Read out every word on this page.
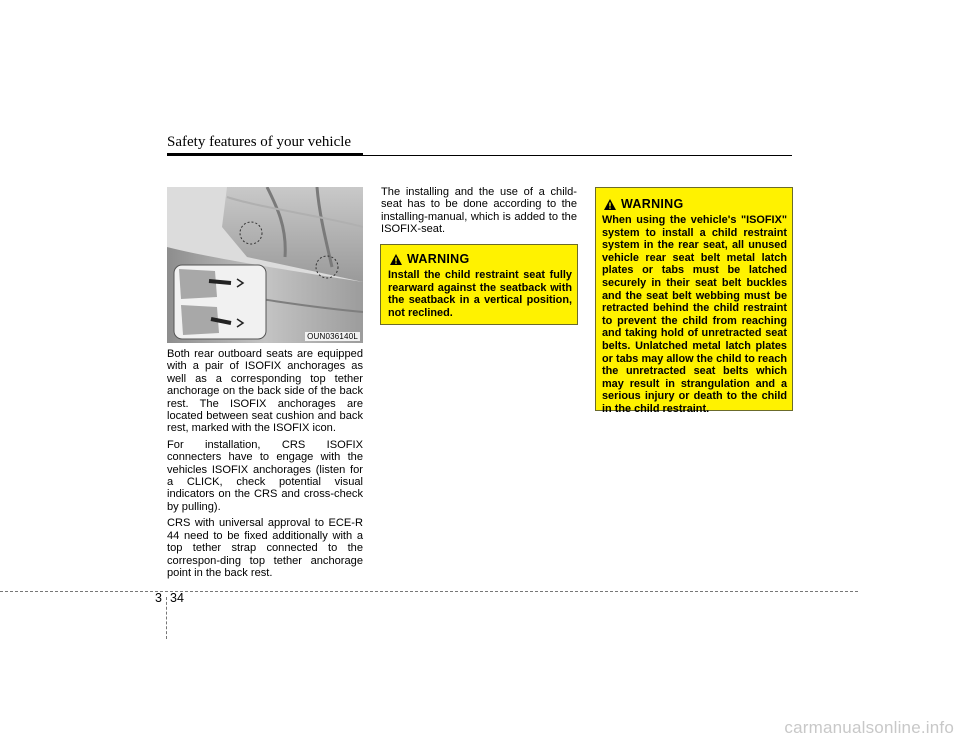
Safety features of your vehicle
OUN036140L

Both rear outboard seats are equipped with a pair of ISOFIX anchorages as well as a corresponding top tether anchorage on the back side of the back rest. The ISOFIX anchorages are located between seat cushion and back rest, marked with the ISOFIX icon.

For installation, CRS ISOFIX connecters have to engage with the vehicles ISOFIX anchorages (listen for a CLICK, check potential visual indicators on the CRS and cross-check by pulling).

CRS with universal approval to ECE-R 44 need to be fixed additionally with a top tether strap connected to the correspon-ding top tether anchorage point in the back rest.

The installing and the use of a child-seat has to be done according to the installing-manual, which is added to the ISOFIX-seat.

WARNING
Install the child restraint seat fully rearward against the seatback with the seatback in a vertical position, not reclined.
WARNING
When using the vehicle's "ISOFIX" system to install a child restraint system in the rear seat, all unused vehicle rear seat belt metal latch plates or tabs must be latched securely in their seat belt buckles and the seat belt webbing must be retracted behind the child restraint to prevent the child from reaching and taking hold of unretracted seat belts. Unlatched metal latch plates or tabs may allow the child to reach the unretracted seat belts which may result in strangulation and a serious injury or death to the child in the child restraint.
3 34
carmanualsonline.info
